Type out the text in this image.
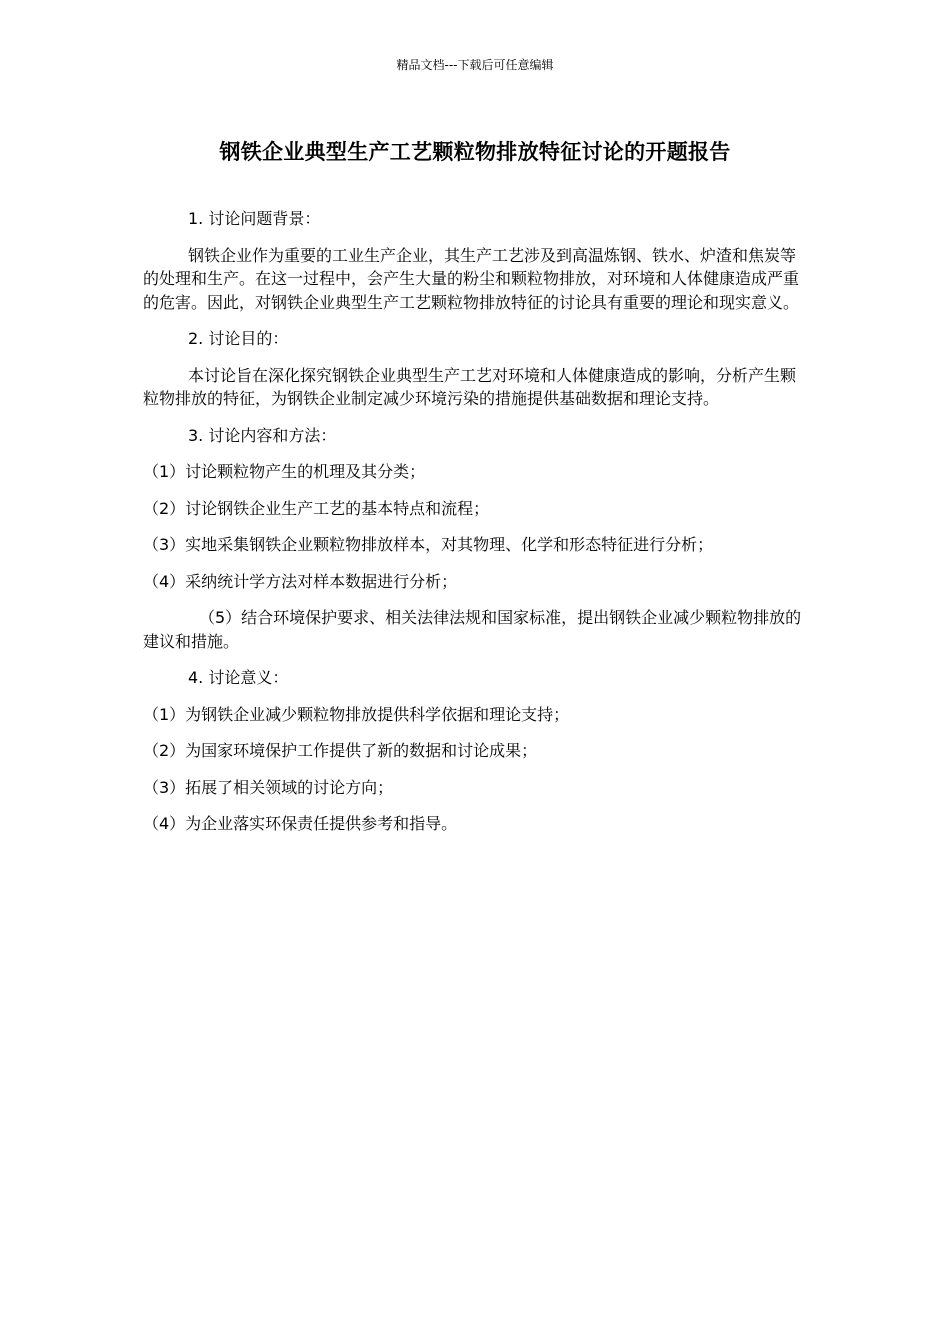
精品文档---下载后可任意编辑
钢铁企业典型生产工艺颗粒物排放特征讨论的开题报告

1. 讨论问题背景：

钢铁企业作为重要的工业生产企业，其生产工艺涉及到高温炼钢、铁水、炉渣和焦炭等的处理和生产。在这一过程中，会产生大量的粉尘和颗粒物排放，对环境和人体健康造成严重的危害。因此，对钢铁企业典型生产工艺颗粒物排放特征的讨论具有重要的理论和现实意义。

2. 讨论目的：

本讨论旨在深化探究钢铁企业典型生产工艺对环境和人体健康造成的影响，分析产生颗粒物排放的特征，为钢铁企业制定减少环境污染的措施提供基础数据和理论支持。

3. 讨论内容和方法：

（1）讨论颗粒物产生的机理及其分类；

（2）讨论钢铁企业生产工艺的基本特点和流程；

（3）实地采集钢铁企业颗粒物排放样本，对其物理、化学和形态特征进行分析；

（4）采纳统计学方法对样本数据进行分析；

（5）结合环境保护要求、相关法律法规和国家标准，提出钢铁企业减少颗粒物排放的建议和措施。

4. 讨论意义：

（1）为钢铁企业减少颗粒物排放提供科学依据和理论支持；

（2）为国家环境保护工作提供了新的数据和讨论成果；

（3）拓展了相关领域的讨论方向；

（4）为企业落实环保责任提供参考和指导。
